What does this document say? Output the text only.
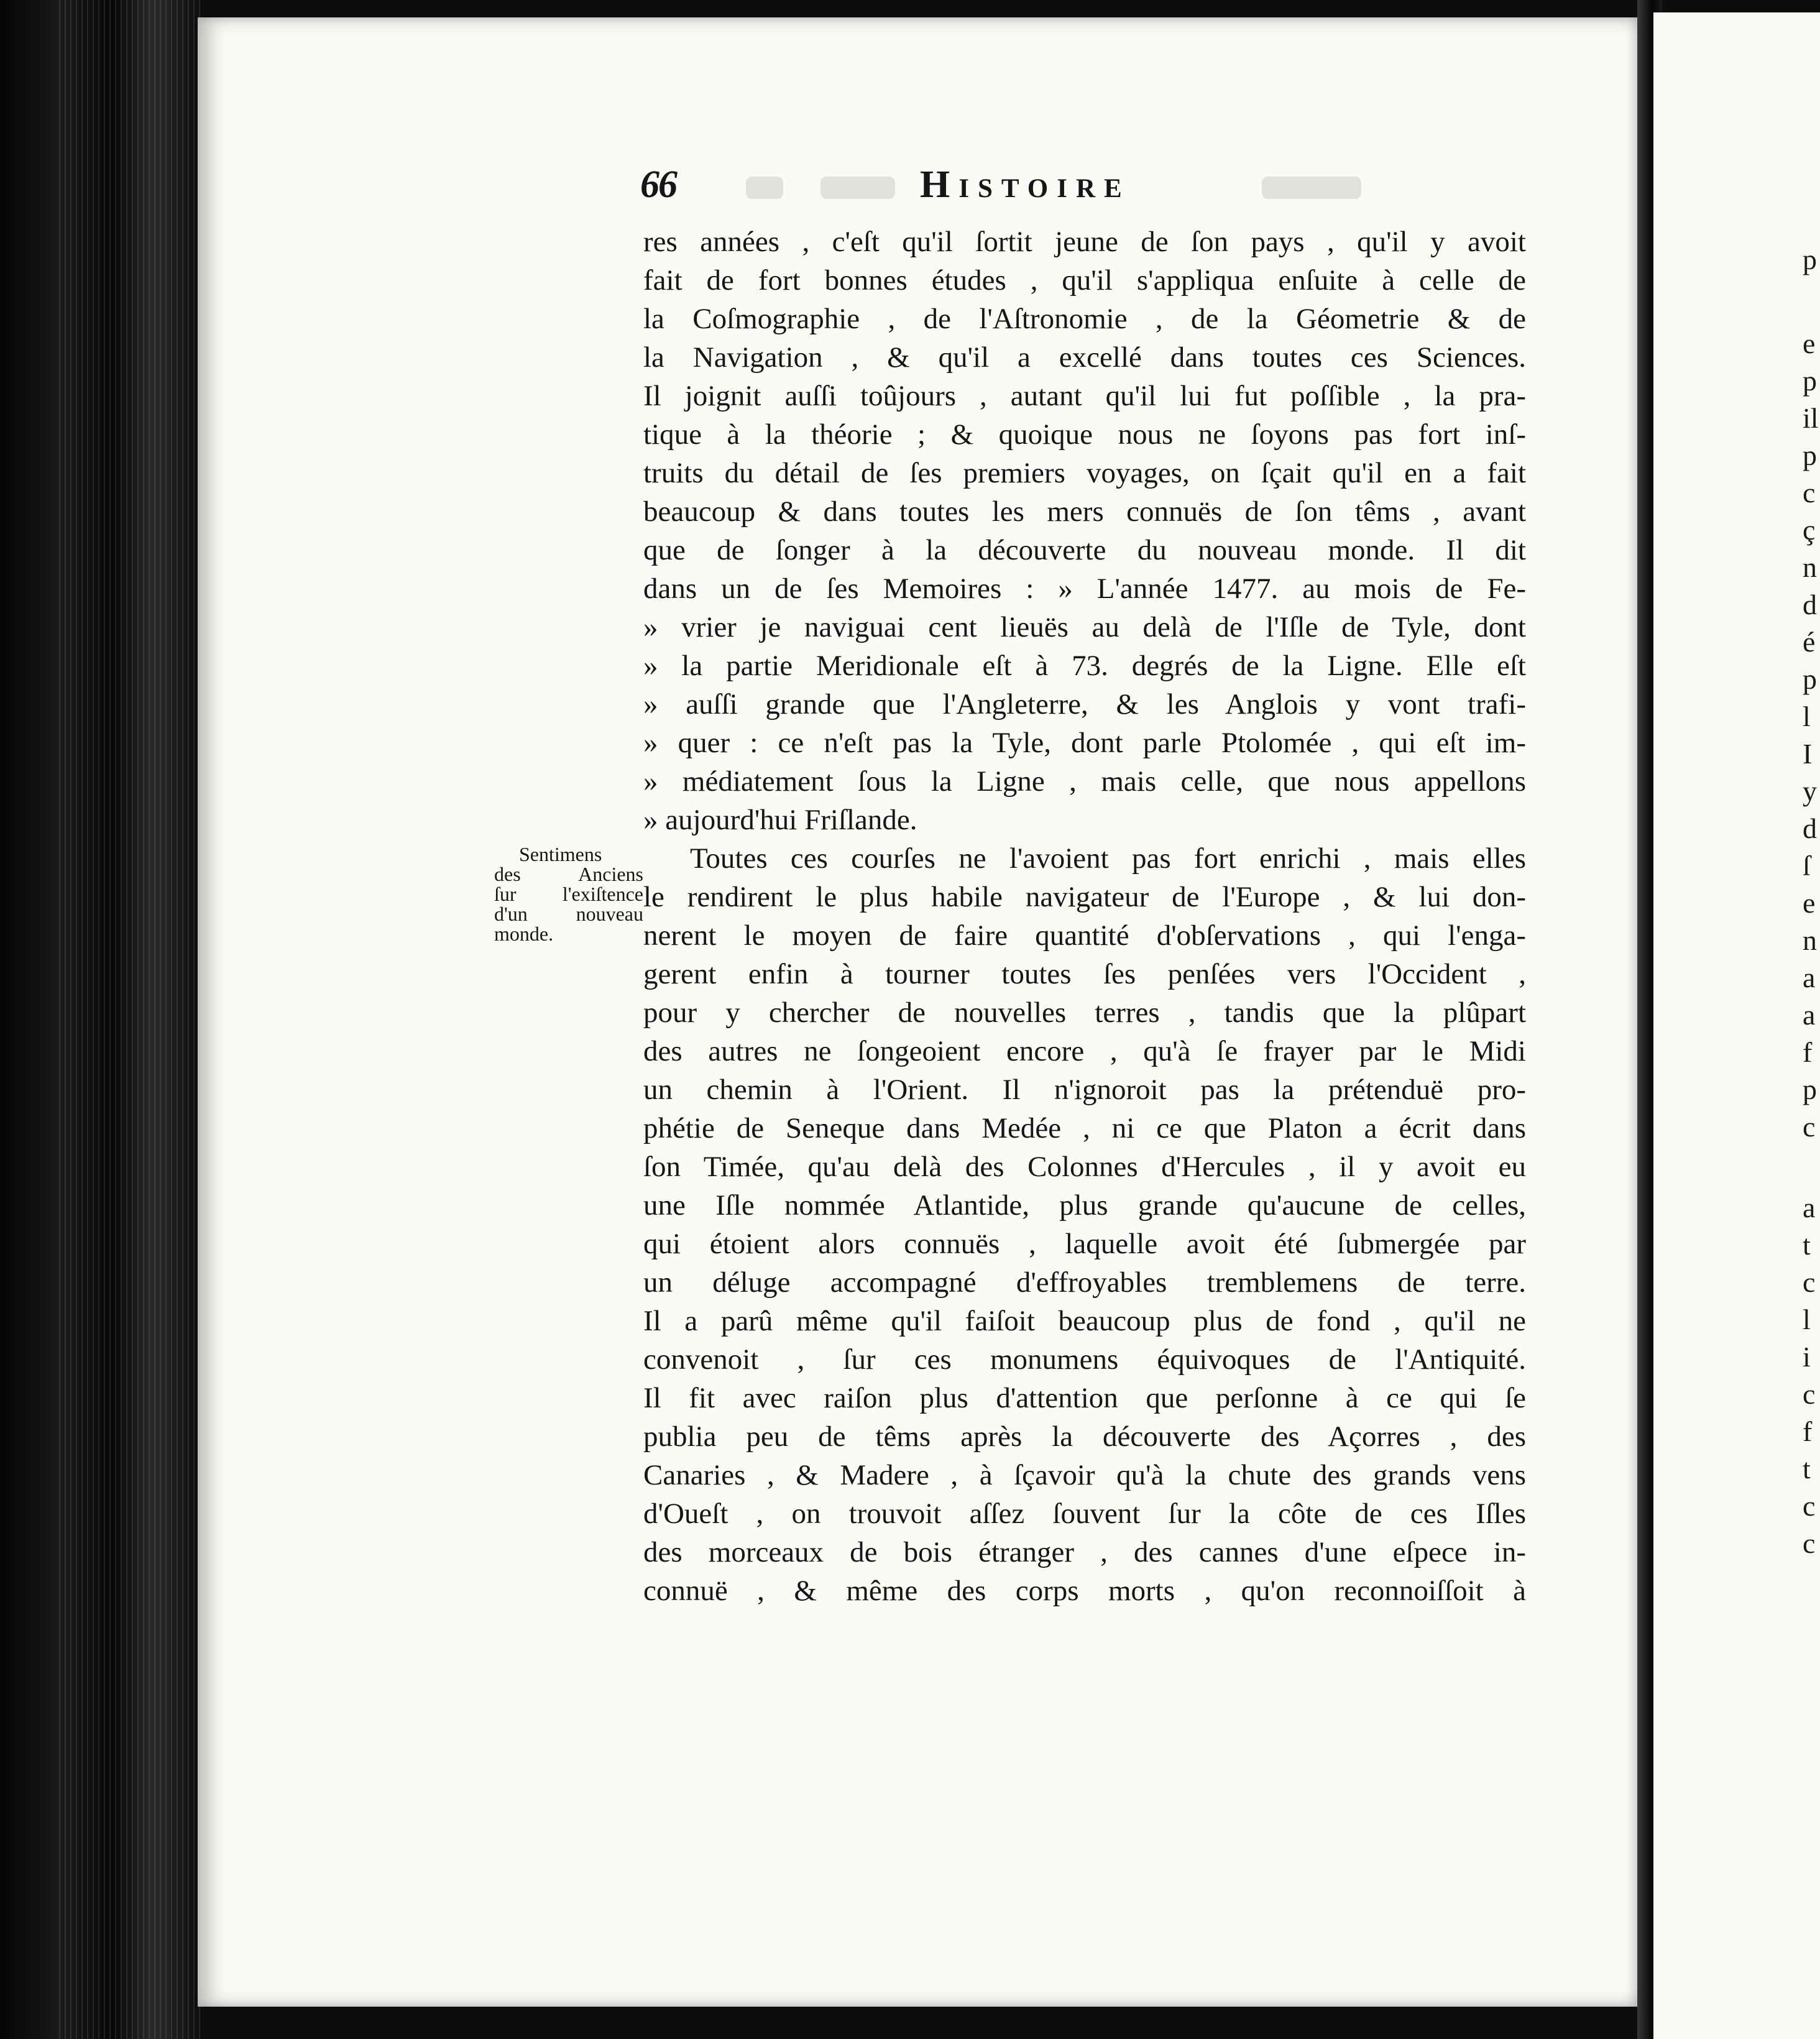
66	Histoire
Sentimens
des Anciens
ſur l'exiſtence
d'un nouveau
monde.
res années , c'eſt qu'il ſortit jeune de ſon pays , qu'il y avoit
fait de fort bonnes études , qu'il s'appliqua enſuite à celle de
la Coſmographie , de l'Aſtronomie , de la Géometrie & de
la Navigation , & qu'il a excellé dans toutes ces Sciences.
Il joignit auſſi toûjours , autant qu'il lui fut poſſible , la pra-
tique à la théorie ; & quoique nous ne ſoyons pas fort inſ-
truits du détail de ſes premiers voyages, on ſçait qu'il en a fait
beaucoup & dans toutes les mers connuës de ſon têms , avant
que de ſonger à la découverte du nouveau monde. Il dit
dans un de ſes Memoires : » L'année 1477. au mois de Fe-
» vrier je naviguai cent lieuës au delà de l'Iſle de Tyle, dont
» la partie Meridionale eſt à 73. degrés de la Ligne. Elle eſt
» auſſi grande que l'Angleterre, & les Anglois y vont trafi-
» quer : ce n'eſt pas la Tyle, dont parle Ptolomée , qui eſt im-
» médiatement ſous la Ligne , mais celle, que nous appellons
» aujourd'hui Friſlande.
Toutes ces courſes ne l'avoient pas fort enrichi , mais elles
le rendirent le plus habile navigateur de l'Europe , & lui don-
nerent le moyen de faire quantité d'obſervations , qui l'enga-
gerent enfin à tourner toutes ſes penſées vers l'Occident ,
pour y chercher de nouvelles terres , tandis que la plûpart
des autres ne ſongeoient encore , qu'à ſe frayer par le Midi
un chemin à l'Orient. Il n'ignoroit pas la prétenduë pro-
phétie de Seneque dans Medée , ni ce que Platon a écrit dans
ſon Timée, qu'au delà des Colonnes d'Hercules , il y avoit eu
une Iſle nommée Atlantide, plus grande qu'aucune de celles,
qui étoient alors connuës , laquelle avoit été ſubmergée par
un déluge accompagné d'effroyables tremblemens de terre.
Il a parû même qu'il faiſoit beaucoup plus de fond , qu'il ne
convenoit , ſur ces monumens équivoques de l'Antiquité.
Il fit avec raiſon plus d'attention que perſonne à ce qui ſe
publia peu de têms après la découverte des Açorres , des
Canaries , & Madere , à ſçavoir qu'à la chute des grands vens
d'Oueſt , on trouvoit aſſez ſouvent ſur la côte de ces Iſles
des morceaux de bois étranger , des cannes d'une eſpece in-
connuë , & même des corps morts , qu'on reconnoiſſoit à
p
e
p
il
p
c
ç
n
d
é
p
l
I
y
d
ſ
e
n
a
a
f
p
c
a
t
c
l
i
c
f
t
c
c
